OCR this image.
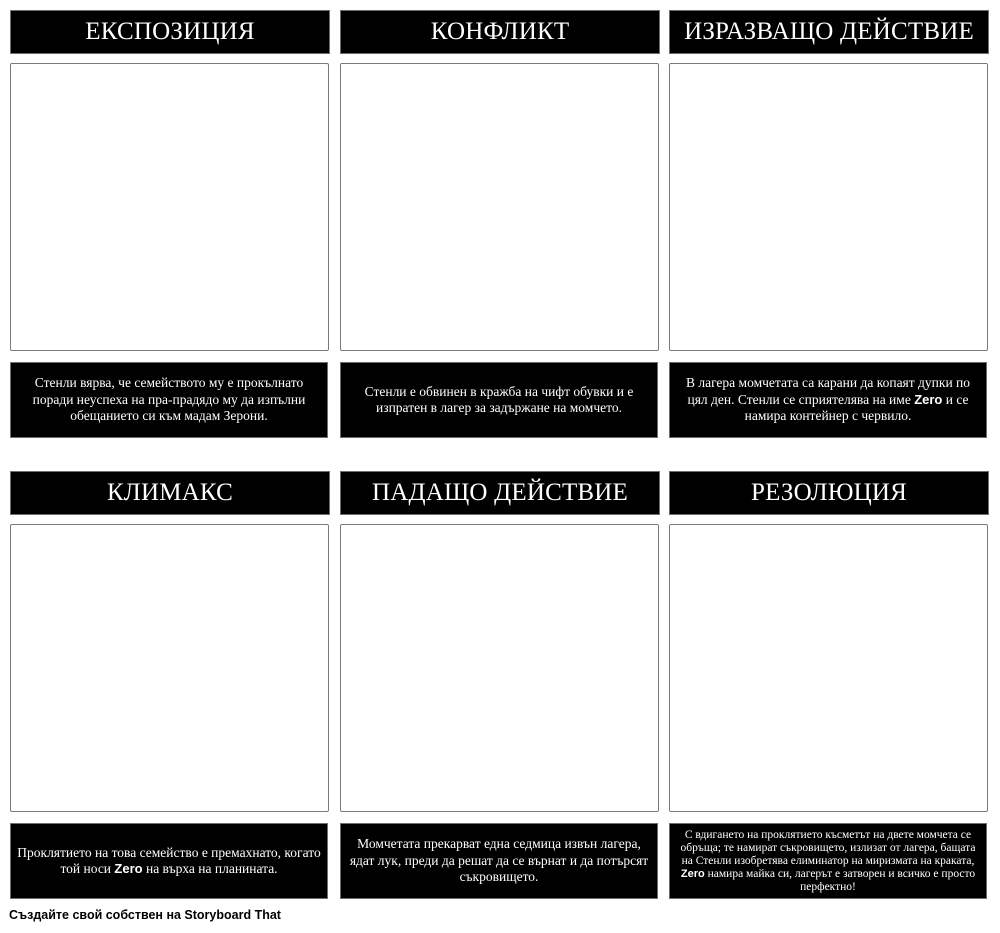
ЕКСПОЗИЦИЯ
Стенли вярва, че семейството му е прокълнато поради неуспеха на пра-прадядо му да изпълни обещанието си към мадам Зерони.
КОНФЛИКТ
Стенли е обвинен в кражба на чифт обувки и е изпратен в лагер за задържане на момчето.
ИЗРАЗВАЩО ДЕЙСТВИЕ
В лагера момчетата са карани да копаят дупки по цял ден. Стенли се сприятелява на име Zero и се намира контейнер с червило.
КЛИМАКС
Проклятието на това семейство е премахнато, когато той носи Zero на върха на планината.
ПАДАЩО ДЕЙСТВИЕ
Момчетата прекарват една седмица извън лагера, ядат лук, преди да решат да се върнат и да потърсят съкровището.
РЕЗОЛЮЦИЯ
С вдигането на проклятието късметът на двете момчета се обръща; те намират съкровището, излизат от лагера, бащата на Стенли изобретява елиминатор на миризмата на краката, Zero намира майка си, лагерът е затворен и всичко е просто перфектно!
Създайте свой собствен на Storyboard That
